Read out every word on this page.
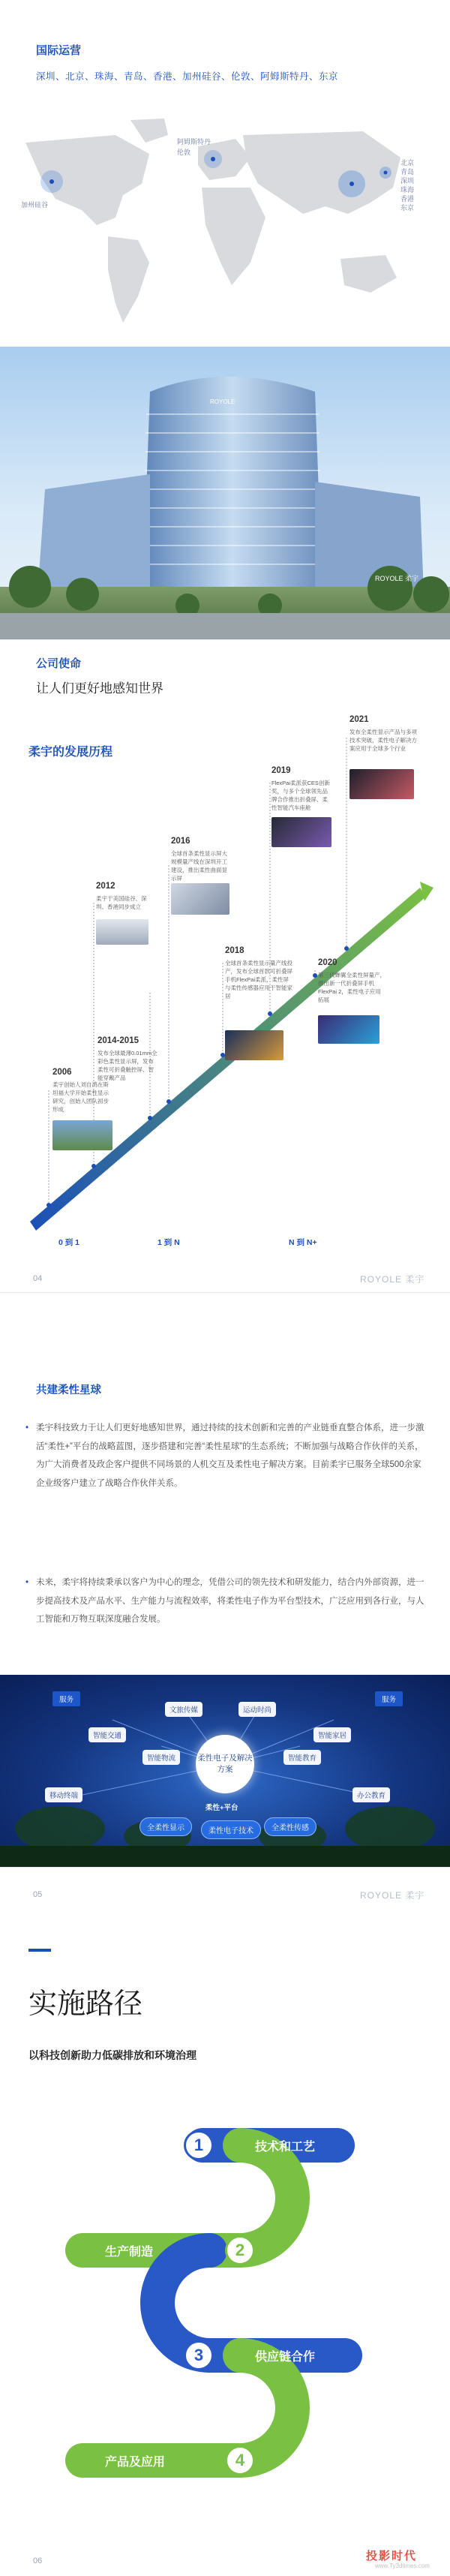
国际运营
深圳、北京、珠海、青岛、香港、加州硅谷、伦敦、阿姆斯特丹、东京
加州硅谷
阿姆斯特丹
伦敦
北京
青岛
深圳
珠海
香港
东京
ROYOLE
ROYOLE 柔宇
公司使命
让人们更好地感知世界
柔宇的发展历程
2006
柔宇创始人刘自鸿在斯坦福大学开始柔性显示研究，创始人团队初步形成
2012
柔宇于美国硅谷、深圳、香港同步成立
2014-2015
发布全球最薄0.01mm全彩色柔性显示屏，发布柔性可折叠触控屏、智能穿戴产品
2016
全球首条柔性显示屏大规模量产线在深圳开工建设，推出柔性曲面显示屏
2018
全球首条柔性显示量产线投产，发布全球首款可折叠屏手机FlexPai柔派，柔性屏与柔性传感器应用于智能家居
2019
FlexPai柔派获CES创新奖，与多个全球领先品牌合作推出折叠屏、柔性智能汽车座舱
2020
第三代蝉翼全柔性屏量产，推出新一代折叠屏手机FlexPai 2，柔性电子应用拓展
2021
发布全柔性显示产品与多项技术突破，柔性电子解决方案应用于全球多个行业
0 到 1	1 到 N	N 到 N+
04	ROYOLE 柔宇
共建柔性星球
• 柔宇科技致力于让人们更好地感知世界，通过持续的技术创新和完善的产业链垂直整合体系，进一步激活“柔性+”平台的战略蓝图，逐步搭建和完善“柔性星球”的生态系统；不断加强与战略合作伙伴的关系，为广大消费者及政企客户提供不同场景的人机交互及柔性电子解决方案。目前柔宇已服务全球500余家企业级客户建立了战略合作伙伴关系。
• 未来，柔宇将持续秉承以客户为中心的理念，凭借公司的领先技术和研发能力，结合内外部资源，进一步提高技术及产品水平、生产能力与流程效率，将柔性电子作为平台型技术，广泛应用到各行业，与人工智能和万物互联深度融合发展。
服务	服务
智能交通
文旅传媒	运动时尚
智能家居
智能物流
移动终端
智能教育
办公教育
柔性电子及解决方案
柔性+平台
全柔性显示	柔性电子技术	全柔性传感
05	ROYOLE 柔宇
实施路径
以科技创新助力低碳排放和环境治理
1	技术和工艺
2
生产制造
3	供应链合作
4
产品及应用
06	投影时代
www.Ty3dtimes.com
